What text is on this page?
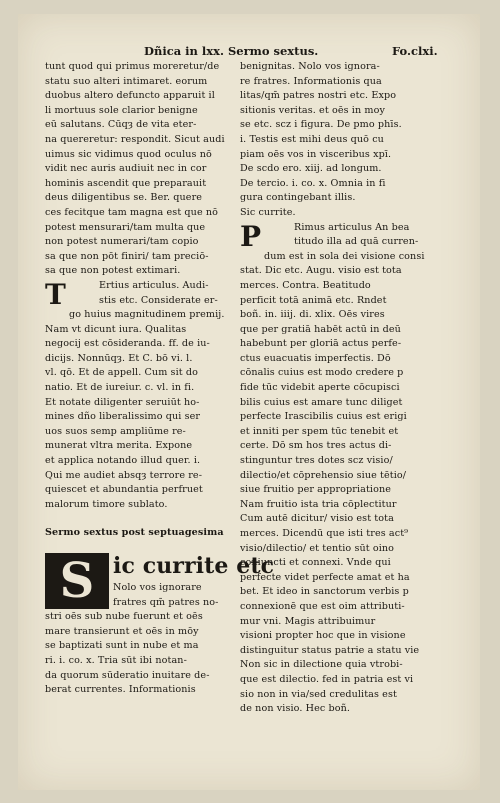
Dñica in lxx. Sermo sextus.	Fo.clxi.
tunt quod qui primus moreretur/de
statu suo alteri intimaret. eorum
duobus altero defuncto apparuit il
li mortuus sole clarior benigne
eū salutans. Cūqȝ de vita eter-
na quereretur: respondit. Sicut audi
uimus sic vidimus quod oculus nō
vidit nec auris audiuit nec in cor
hominis ascendit que preparauit
deus diligentibus se. Ber. quere
ces fecitque tam magna est que nō
potest mensurari/tam multa que
non potest numerari/tam copio
sa que non pōt finiri/ tam preciō-
sa que non potest extimari.
T	Ertius articulus. Audi-
stis etc. Considerate er-
go huius magnitudinem premij.
Nam vt dicunt iura. Qualitas
negocij est cōsideranda. ff. de iu-
dicijs. Nonnūqȝ. Et C. bō vi. l.
vl. qō. Et de appell. Cum sit do
natio. Et de iureiur. c. vl. in fi.
Et notate diligenter seruiūt ho-
mines dño liberalissimo qui ser
uos suos semp ampliūme re-
munerat vltra merita. Expone
et applica notando illud quer. i.
Qui me audiet absqȝ terrore re-
quiescet et abundantia perfruet
malorum timore sublato.
Sermo sextus post septuagesima
S ic currite etc
Nolo vos ignorare
fratres qm̄ patres no-
stri oēs sub nube fuerunt et oēs
mare transierunt et oēs in mōy
se baptizati sunt in nube et ma
ri. i. co. x. Tria sūt ibi notan-
da quorum sūderatio inuitare de-
berat currentes. Informationis
benignitas. Nolo vos ignora-
re fratres. Informationis qua
litas/qm̄ patres nostri etc. Expo
sitionis veritas. et oēs in moy
se etc. scz i figura. De pmo phīs.
i. Testis est mihi deus quō cu
piam oēs vos in visceribus xpī.
De scdo ero. xiij. ad longum.
De tercio. i. co. x. Omnia in fi
gura contingebant illis.
Sic currite.
P	Rimus articulus An bea
titudo illa ad quā curren-
dum est in sola dei visione consi
stat. Dic etc. Augu. visio est tota
merces. Contra. Beatitudo
perficit totā animā etc. Rndet
boñ. in. iiij. di. xlix. Oēs vires
que per gratiā habēt actū in deū
habebunt per gloriā actus perfe-
ctus euacuatis imperfectis. Dō
cōnalis cuius est modo credere p
fide tūc videbit aperte cōcupisci
bilis cuius est amare tunc diliget
perfecte Irascibilis cuius est erigi
et inniti per spem tūc tenebit et
certe. Dō sm hos tres actus di-
stinguntur tres dotes scz visio/
dilectio/et cōprehensio siue tētio/
siue fruitio per appropriatione
Nam fruitio ista tria cōplectitur
Cum autē dicitur/ visio est tota
merces. Dicendū que isti tres act⁹
visio/dilectio/ et tentio sūt oino
coniuncti et connexi. Vnde qui
perfecte videt perfecte amat et ha
bet. Et ideo in sanctorum verbis p
connexionē que est oim attributi-
mur vni. Magis attribuimur
visioni propter hoc que in visione
distinguitur status patrie a statu vie
Non sic in dilectione quia vtrobi-
que est dilectio. fed in patria est vi
sio non in via/sed credulitas est
de non visio. Hec boñ.
